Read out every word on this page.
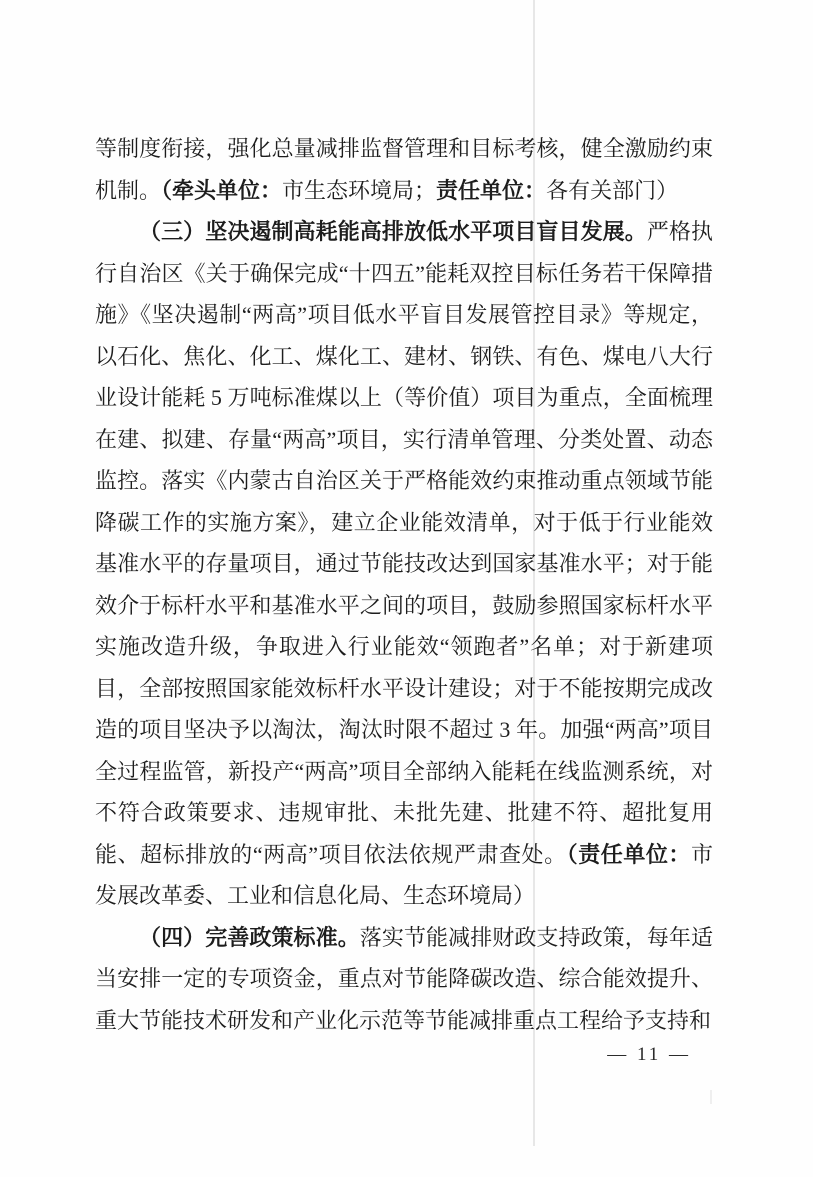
等制度衔接，强化总量减排监督管理和目标考核，健全激励约束机制。（牵头单位：市生态环境局；责任单位：各有关部门）

（三）坚决遏制高耗能高排放低水平项目盲目发展。严格执行自治区《关于确保完成“十四五”能耗双控目标任务若干保障措施》《坚决遏制“两高”项目低水平盲目发展管控目录》等规定，以石化、焦化、化工、煤化工、建材、钢铁、有色、煤电八大行业设计能耗 5 万吨标准煤以上（等价值）项目为重点，全面梳理在建、拟建、存量“两高”项目，实行清单管理、分类处置、动态监控。落实《内蒙古自治区关于严格能效约束推动重点领域节能降碳工作的实施方案》，建立企业能效清单，对于低于行业能效基准水平的存量项目，通过节能技改达到国家基准水平；对于能效介于标杆水平和基准水平之间的项目，鼓励参照国家标杆水平实施改造升级，争取进入行业能效“领跑者”名单；对于新建项目，全部按照国家能效标杆水平设计建设；对于不能按期完成改造的项目坚决予以淘汰，淘汰时限不超过 3 年。加强“两高”项目全过程监管，新投产“两高”项目全部纳入能耗在线监测系统，对不符合政策要求、违规审批、未批先建、批建不符、超批复用能、超标排放的“两高”项目依法依规严肃查处。（责任单位：市发展改革委、工业和信息化局、生态环境局）

（四）完善政策标准。落实节能减排财政支持政策，每年适当安排一定的专项资金，重点对节能降碳改造、综合能效提升、重大节能技术研发和产业化示范等节能减排重点工程给予支持和

— 11 —
